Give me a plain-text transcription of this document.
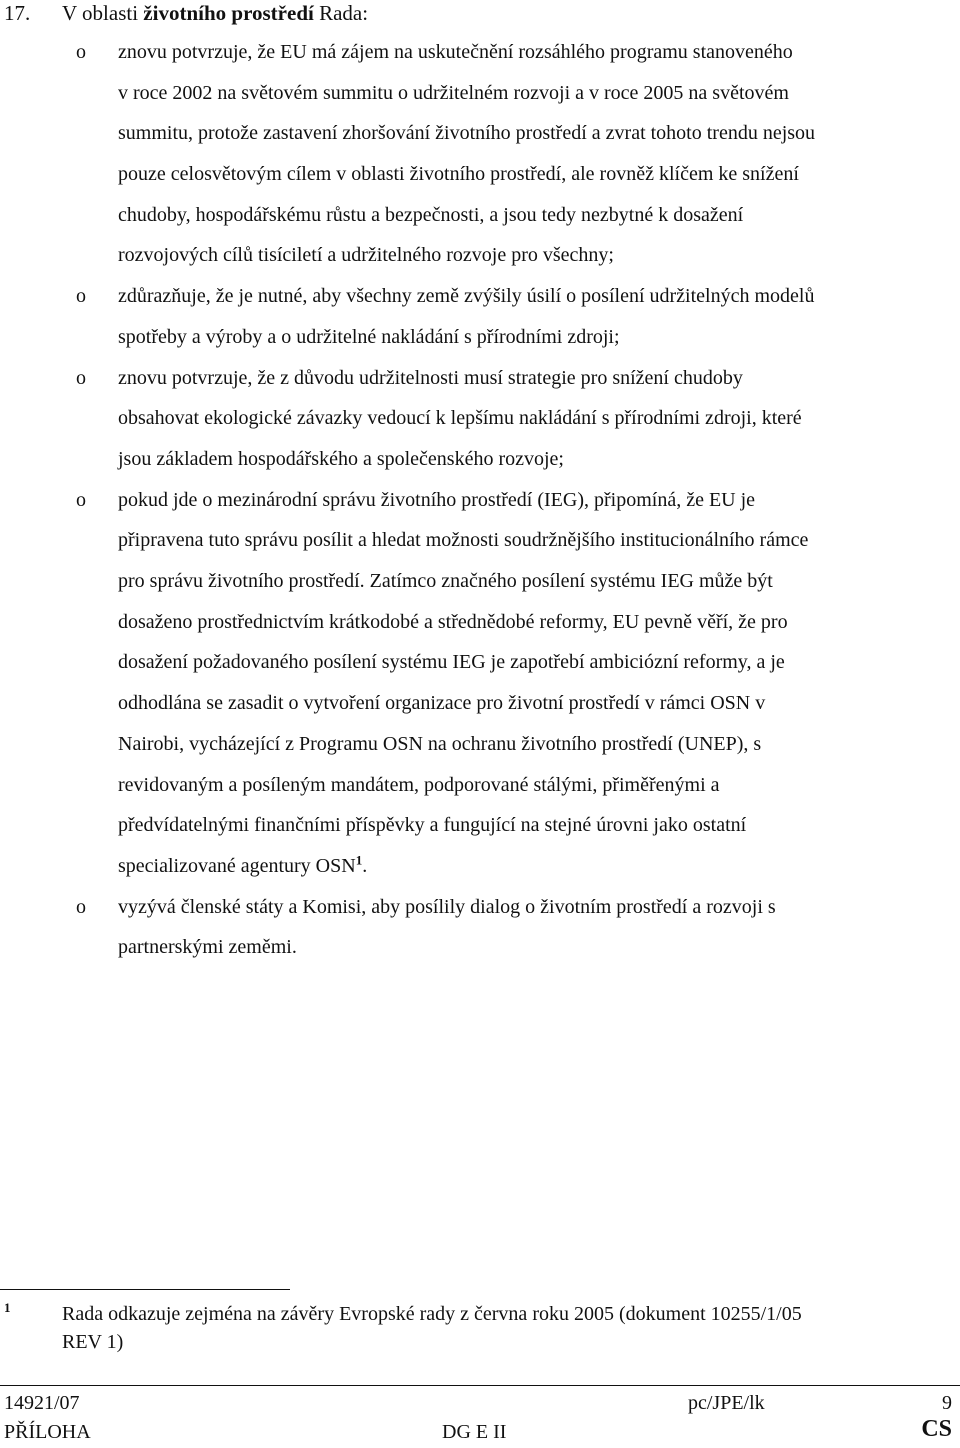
17. V oblasti životního prostředí Rada:
o znovu potvrzuje, že EU má zájem na uskutečnění rozsáhlého programu stanoveného
v roce 2002 na světovém summitu o udržitelném rozvoji a v roce 2005 na světovém
summitu, protože zastavení zhoršování životního prostředí a zvrat tohoto trendu nejsou
pouze celosvětovým cílem v oblasti životního prostředí, ale rovněž klíčem ke snížení
chudoby, hospodářskému růstu a bezpečnosti, a jsou tedy nezbytné k dosažení
rozvojových cílů tisíciletí a udržitelného rozvoje pro všechny;
o zdůrazňuje, že je nutné, aby všechny země zvýšily úsilí o posílení udržitelných modelů
spotřeby a výroby a o udržitelné nakládání s přírodními zdroji;
o znovu potvrzuje, že z důvodu udržitelnosti musí strategie pro snížení chudoby
obsahovat ekologické závazky vedoucí k lepšímu nakládání s přírodními zdroji, které
jsou základem hospodářského a společenského rozvoje;
o pokud jde o mezinárodní správu životního prostředí (IEG), připomíná, že EU je
připravena tuto správu posílit a hledat možnosti soudržnějšího institucionálního rámce
pro správu životního prostředí. Zatímco značného posílení systému IEG může být
dosaženo prostřednictvím krátkodobé a střednědobé reformy, EU pevně věří, že pro
dosažení požadovaného posílení systému IEG je zapotřebí ambiciózní reformy, a je
odhodlána se zasadit o vytvoření organizace pro životní prostředí v rámci OSN v
Nairobi, vycházející z Programu OSN na ochranu životního prostředí (UNEP), s
revidovaným a posíleným mandátem, podporované stálými, přiměřenými a
předvídatelnými finančními příspěvky a fungující na stejné úrovni jako ostatní
specializované agentury OSN$^1$.
o vyzývá členské státy a Komisi, aby posílily dialog o životním prostředí a rozvoji s
partnerskými zeměmi.
1	Rada odkazuje zejména na závěry Evropské rady z června roku 2005 (dokument 10255/1/05
REV 1)
14921/07
PŘÍLOHA
pc/JPE/lk
DG E II
9
CS
